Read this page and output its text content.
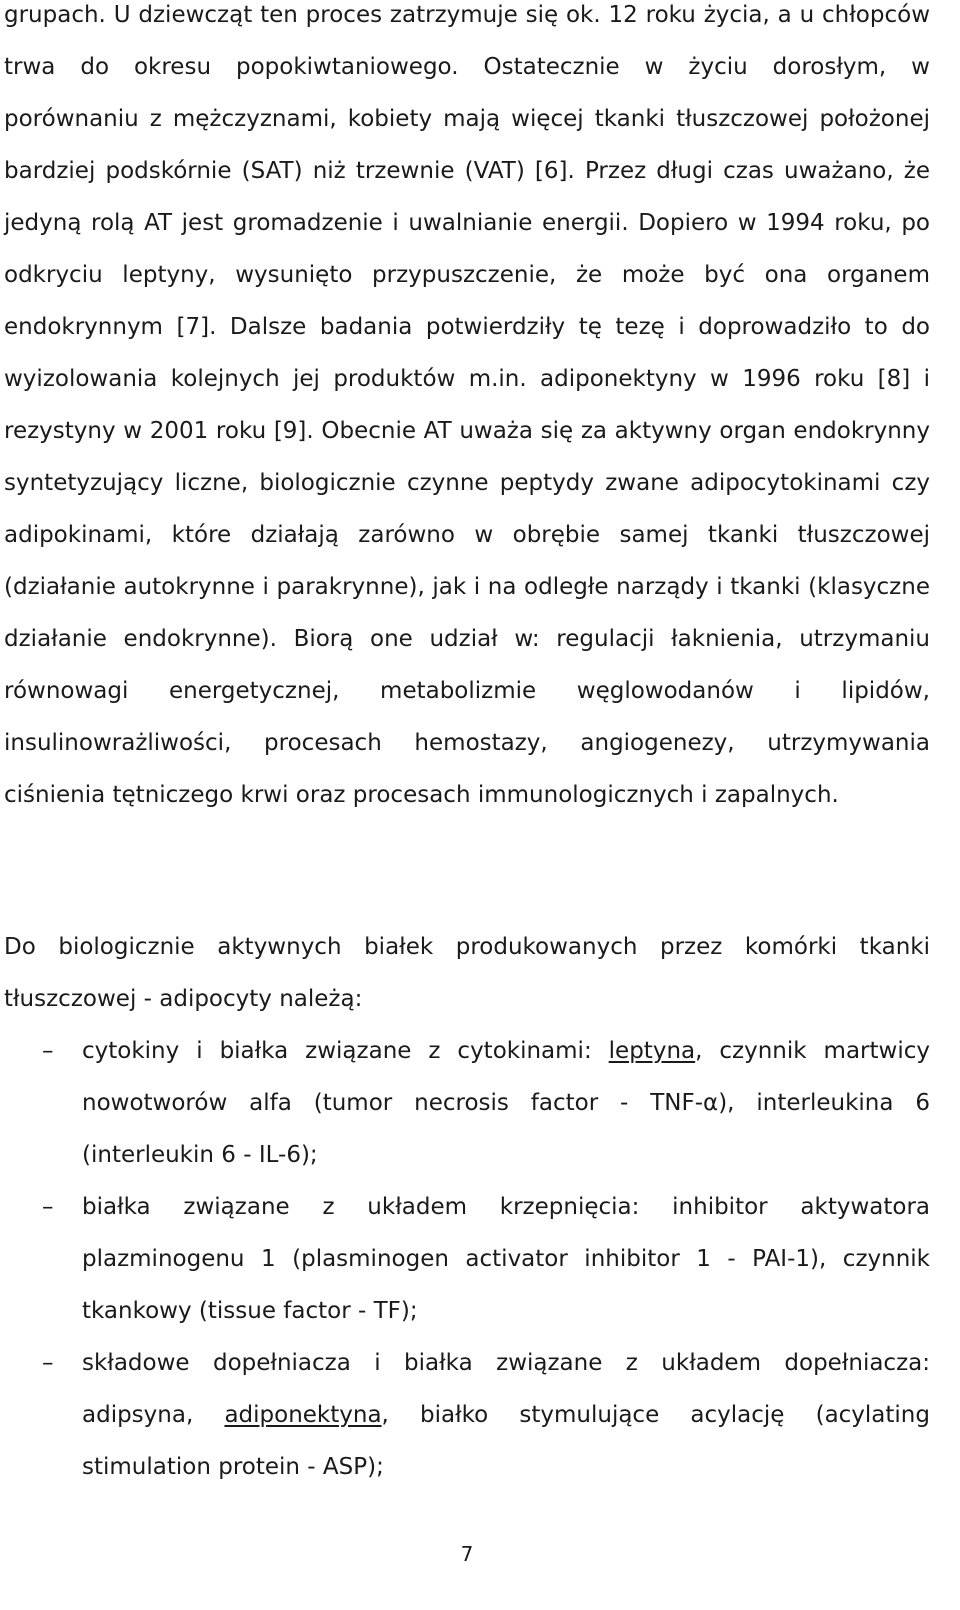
grupach. U dziewcząt ten proces zatrzymuje się ok. 12 roku życia, a u chłopców trwa do okresu popokiwtaniowego. Ostatecznie w życiu dorosłym, w porównaniu z mężczyznami, kobiety mają więcej tkanki tłuszczowej położonej bardziej podskórnie (SAT) niż trzewnie (VAT) [6]. Przez długi czas uważano, że jedyną rolą AT jest gromadzenie i uwalnianie energii. Dopiero w 1994 roku, po odkryciu leptyny, wysunięto przypuszczenie, że może być ona organem endokrynnym [7]. Dalsze badania potwierdziły tę tezę i doprowadziło to do wyizolowania kolejnych jej produktów m.in. adiponektyny w 1996 roku [8] i rezystyny w 2001 roku [9]. Obecnie AT uważa się za aktywny organ endokrynny syntetyzujący liczne, biologicznie czynne peptydy zwane adipocytokinami czy adipokinami, które działają zarówno w obrębie samej tkanki tłuszczowej (działanie autokrynne i parakrynne), jak i na odległe narządy i tkanki (klasyczne działanie endokrynne). Biorą one udział w: regulacji łaknienia, utrzymaniu równowagi energetycznej, metabolizmie węglowodanów i lipidów, insulinowrażliwości, procesach hemostazy, angiogenezy, utrzymywania ciśnienia tętniczego krwi oraz procesach immunologicznych i zapalnych.

Do biologicznie aktywnych białek produkowanych przez komórki tkanki tłuszczowej - adipocyty należą:

– cytokiny i białka związane z cytokinami: leptyna, czynnik martwicy nowotworów alfa (tumor necrosis factor - TNF-α), interleukina 6 (interleukin 6 - IL-6);
– białka związane z układem krzepnięcia: inhibitor aktywatora plazminogenu 1 (plasminogen activator inhibitor 1 - PAI-1), czynnik tkankowy (tissue factor - TF);
– składowe dopełniacza i białka związane z układem dopełniacza: adipsyna, adiponektyna, białko stymulujące acylację (acylating stimulation protein - ASP);
7
